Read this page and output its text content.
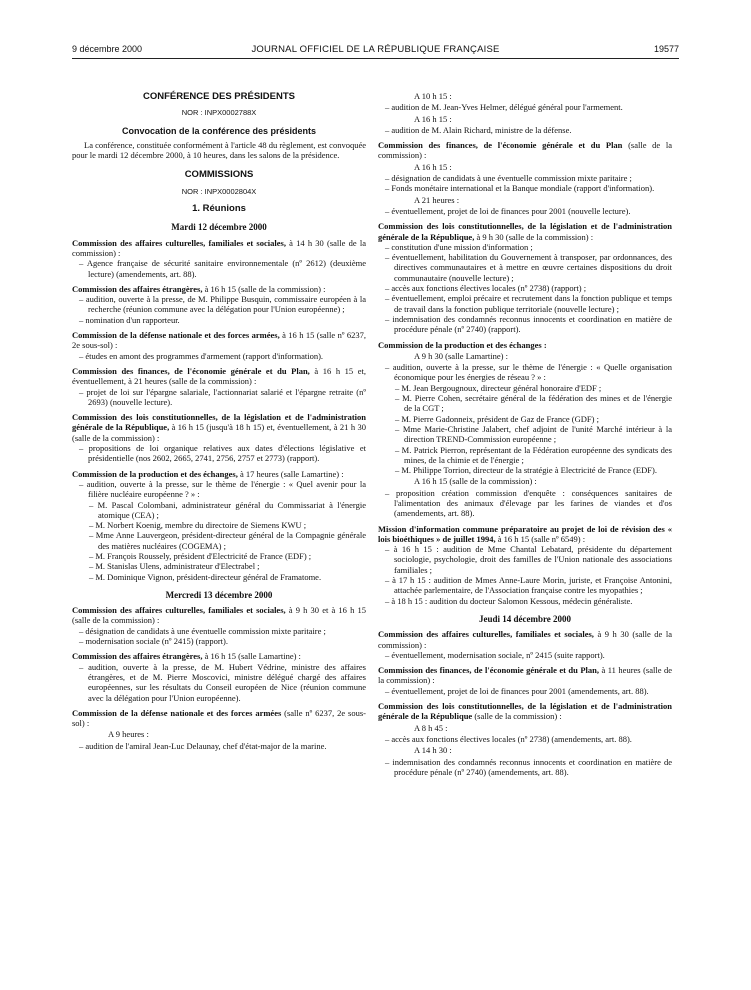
9 décembre 2000	JOURNAL OFFICIEL DE LA RÉPUBLIQUE FRANÇAISE	19577
CONFÉRENCE DES PRÉSIDENTS
NOR : INPX0002788X
Convocation de la conférence des présidents
La conférence, constituée conformément à l'article 48 du règlement, est convoquée pour le mardi 12 décembre 2000, à 10 heures, dans les salons de la présidence.
COMMISSIONS
NOR : INPX0002804X
1. Réunions
Mardi 12 décembre 2000
Commission des affaires culturelles, familiales et sociales, à 14 h 30 (salle de la commission) :
– Agence française de sécurité sanitaire environnementale (nº 2612) (deuxième lecture) (amendements, art. 88).
Commission des affaires étrangères, à 16 h 15 (salle de la commission) :
– audition, ouverte à la presse, de M. Philippe Busquin, commissaire européen à la recherche (réunion commune avec la délégation pour l'Union européenne) ;
– nomination d'un rapporteur.
Commission de la défense nationale et des forces armées, à 16 h 15 (salle nº 6237, 2e sous-sol) :
– études en amont des programmes d'armement (rapport d'information).
Commission des finances, de l'économie générale et du Plan, à 16 h 15 et, éventuellement, à 21 heures (salle de la commission) :
– projet de loi sur l'épargne salariale, l'actionnariat salarié et l'épargne retraite (nº 2693) (nouvelle lecture).
Commission des lois constitutionnelles, de la législation et de l'administration générale de la République, à 16 h 15 (jusqu'à 18 h 15) et, éventuellement, à 21 h 30 (salle de la commission) :
– propositions de loi organique relatives aux dates d'élections législative et présidentielle (nos 2602, 2665, 2741, 2756, 2757 et 2773) (rapport).
Commission de la production et des échanges, à 17 heures (salle Lamartine) :
– audition, ouverte à la presse, sur le thème de l'énergie : « Quel avenir pour la filière nucléaire européenne ? » :
– M. Pascal Colombani, administrateur général du Commissariat à l'énergie atomique (CEA) ;
– M. Norbert Koenig, membre du directoire de Siemens KWU ;
– Mme Anne Lauvergeon, président-directeur général de la Compagnie générale des matières nucléaires (COGEMA) ;
– M. François Roussely, président d'Electricité de France (EDF) ;
– M. Stanislas Ulens, administrateur d'Electrabel ;
– M. Dominique Vignon, président-directeur général de Framatome.
Mercredi 13 décembre 2000
Commission des affaires culturelles, familiales et sociales, à 9 h 30 et à 16 h 15 (salle de la commission) :
– désignation de candidats à une éventuelle commission mixte paritaire ;
– modernisation sociale (nº 2415) (rapport).
Commission des affaires étrangères, à 16 h 15 (salle Lamartine) :
– audition, ouverte à la presse, de M. Hubert Védrine, ministre des affaires étrangères, et de M. Pierre Moscovici, ministre délégué chargé des affaires européennes, sur les résultats du Conseil européen de Nice (réunion commune avec la délégation pour l'Union européenne).
Commission de la défense nationale et des forces armées (salle nº 6237, 2e sous-sol) :
A 9 heures :
– audition de l'amiral Jean-Luc Delaunay, chef d'état-major de la marine.
A 10 h 15 :
– audition de M. Jean-Yves Helmer, délégué général pour l'armement.
A 16 h 15 :
– audition de M. Alain Richard, ministre de la défense.
Commission des finances, de l'économie générale et du Plan (salle de la commission) :
A 16 h 15 :
– désignation de candidats à une éventuelle commission mixte paritaire ;
– Fonds monétaire international et la Banque mondiale (rapport d'information).
A 21 heures :
– éventuellement, projet de loi de finances pour 2001 (nouvelle lecture).
Commission des lois constitutionnelles, de la législation et de l'administration générale de la République, à 9 h 30 (salle de la commission) :
– constitution d'une mission d'information ;
– éventuellement, habilitation du Gouvernement à transposer, par ordonnances, des directives communautaires et à mettre en œuvre certaines dispositions du droit communautaire (nouvelle lecture) ;
– accès aux fonctions électives locales (nº 2738) (rapport) ;
– éventuellement, emploi précaire et recrutement dans la fonction publique et temps de travail dans la fonction publique territoriale (nouvelle lecture) ;
– indemnisation des condamnés reconnus innocents et coordination en matière de procédure pénale (nº 2740) (rapport).
Commission de la production et des échanges :
A 9 h 30 (salle Lamartine) :
– audition, ouverte à la presse, sur le thème de l'énergie : « Quelle organisation économique pour les énergies de réseau ? » :
– M. Jean Bergougnoux, directeur général honoraire d'EDF ;
– M. Pierre Cohen, secrétaire général de la fédération des mines et de l'énergie de la CGT ;
– M. Pierre Gadonneix, président de Gaz de France (GDF) ;
– Mme Marie-Christine Jalabert, chef adjoint de l'unité Marché intérieur à la direction TREND-Commission européenne ;
– M. Patrick Pierron, représentant de la Fédération européenne des syndicats des mines, de la chimie et de l'énergie ;
– M. Philippe Torrion, directeur de la stratégie à Electricité de France (EDF).
A 16 h 15 (salle de la commission) :
– proposition création commission d'enquête : conséquences sanitaires de l'alimentation des animaux d'élevage par les farines de viandes et d'os (amendements, art. 88).
Mission d'information commune préparatoire au projet de loi de révision des « lois bioéthiques » de juillet 1994, à 16 h 15 (salle nº 6549) :
– à 16 h 15 : audition de Mme Chantal Lebatard, présidente du département sociologie, psychologie, droit des familles de l'Union nationale des associations familiales ;
– à 17 h 15 : audition de Mmes Anne-Laure Morin, juriste, et Françoise Antonini, attachée parlementaire, de l'Association française contre les myopathies ;
– à 18 h 15 : audition du docteur Salomon Kessous, médecin généraliste.
Jeudi 14 décembre 2000
Commission des affaires culturelles, familiales et sociales, à 9 h 30 (salle de la commission) :
– éventuellement, modernisation sociale, nº 2415 (suite rapport).
Commission des finances, de l'économie générale et du Plan, à 11 heures (salle de la commission) :
– éventuellement, projet de loi de finances pour 2001 (amendements, art. 88).
Commission des lois constitutionnelles, de la législation et de l'administration générale de la République (salle de la commission) :
A 8 h 45 :
– accès aux fonctions électives locales (nº 2738) (amendements, art. 88).
A 14 h 30 :
– indemnisation des condamnés reconnus innocents et coordination en matière de procédure pénale (nº 2740) (amendements, art. 88).
